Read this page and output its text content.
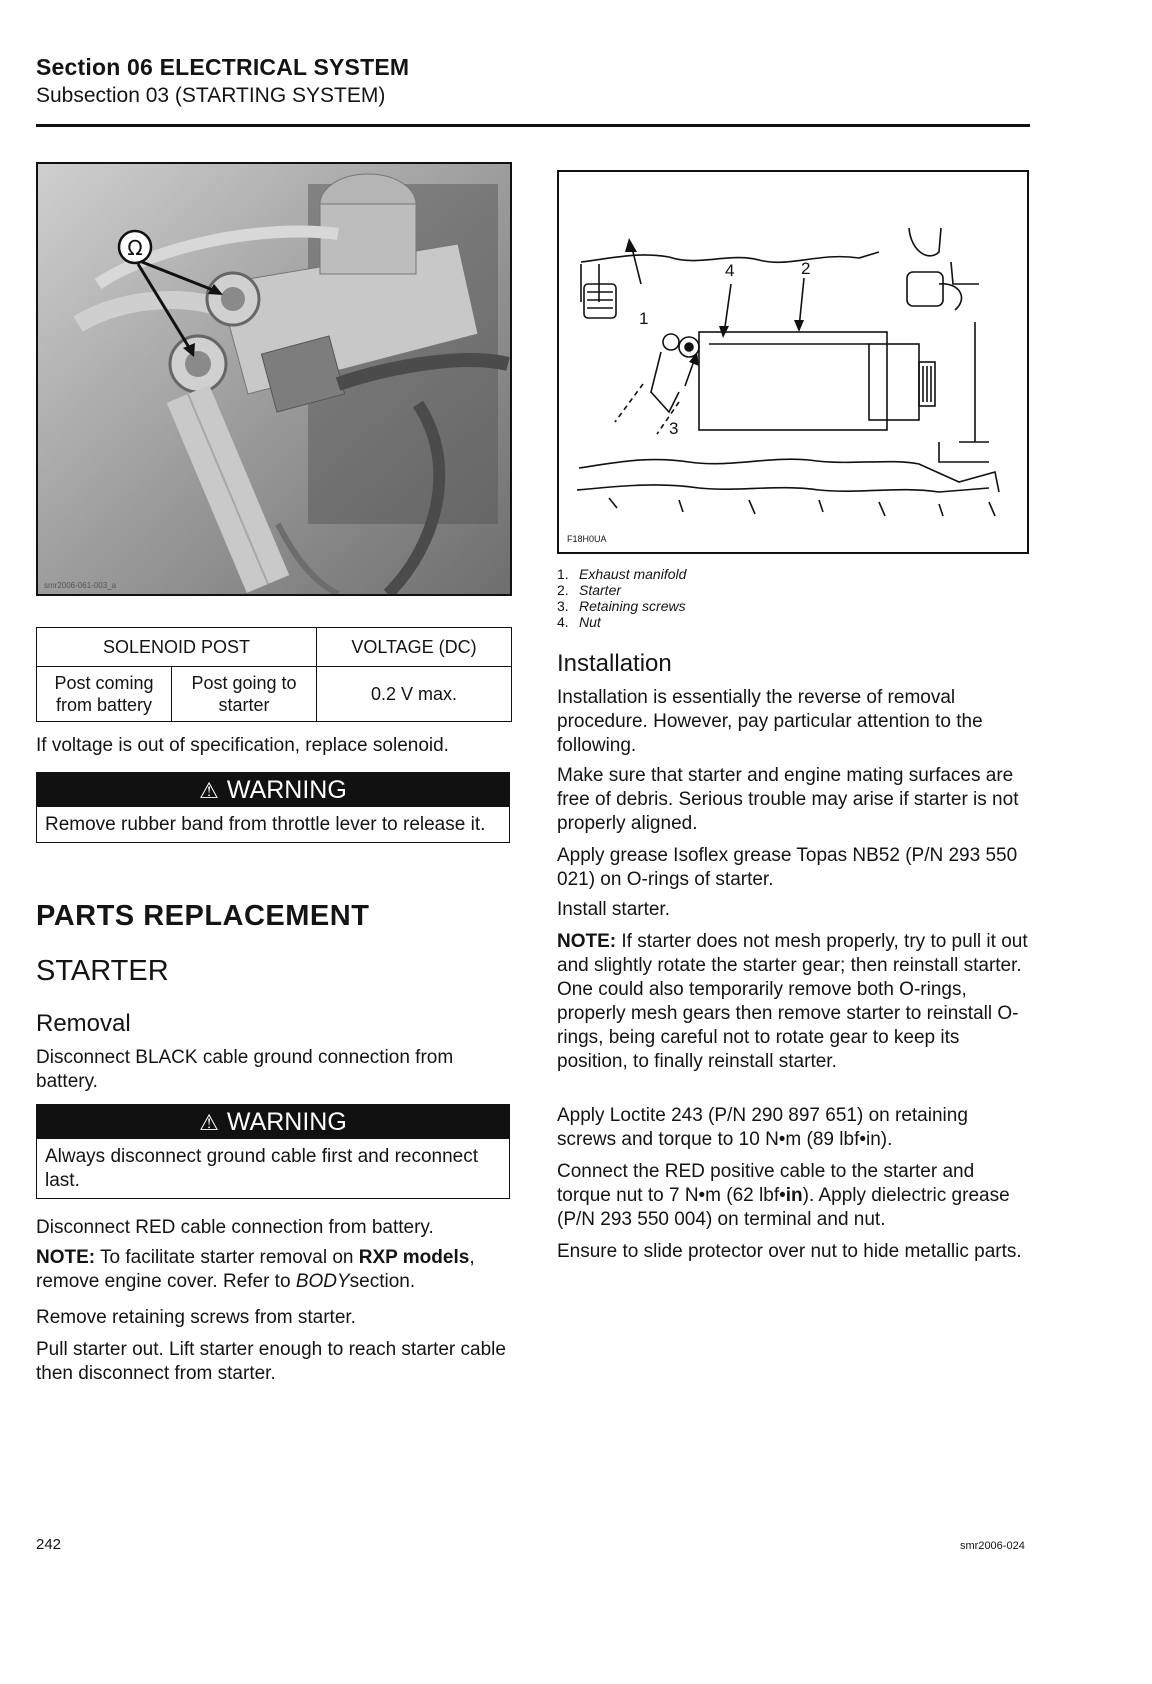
Section 06 ELECTRICAL SYSTEM
Subsection 03 (STARTING SYSTEM)
Ω
smr2006-061-003_a
SOLENOID POST		VOLTAGE (DC)
Post coming from battery	Post going to starter	0.2 V max.
If voltage is out of specification, replace solenoid.
⚠ WARNING
Remove rubber band from throttle lever to release it.
PARTS REPLACEMENT
STARTER
Removal
Disconnect BLACK cable ground connection from battery.
⚠ WARNING
Always disconnect ground cable first and reconnect last.
Disconnect RED cable connection from battery.
NOTE: To facilitate starter removal on RXP models, remove engine cover. Refer to BODYsection.
Remove retaining screws from starter.
Pull starter out. Lift starter enough to reach starter cable then disconnect from starter.
1
2
3
4
F18H0UA
1. Exhaust manifold
2. Starter
3. Retaining screws
4. Nut
Installation
Installation is essentially the reverse of removal procedure. However, pay particular attention to the following.
Make sure that starter and engine mating surfaces are free of debris. Serious trouble may arise if starter is not properly aligned.
Apply grease Isoflex grease Topas NB52 (P/N 293 550 021) on O-rings of starter.
Install starter.
NOTE: If starter does not mesh properly, try to pull it out and slightly rotate the starter gear; then reinstall starter. One could also temporarily remove both O-rings, properly mesh gears then remove starter to reinstall O-rings, being careful not to rotate gear to keep its position, to finally reinstall starter.
Apply Loctite 243 (P/N 290 897 651) on retaining screws and torque to 10 N•m (89 lbf•in).
Connect the RED positive cable to the starter and torque nut to 7 N•m (62 lbf•in). Apply dielectric grease (P/N 293 550 004) on terminal and nut.
Ensure to slide protector over nut to hide metallic parts.
242	smr2006-024
